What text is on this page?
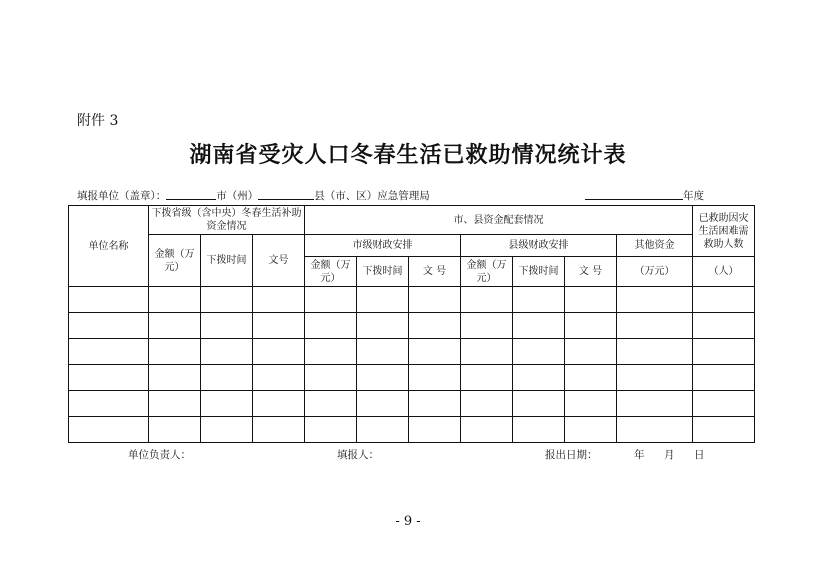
附件 3
湖南省受灾人口冬春生活已救助情况统计表
填报单位（盖章）：	市（州）	县（市、区）应急管理局	年度
单位名称	下拨省级（含中央）冬春生活补助资金情况			市、县资金配套情况							已救助因灾生活困难需救助人数
	金额（万元）	下拨时间	文号	市级财政安排			县级财政安排			其他资金	
				金额（万元）	下拨时间	文 号	金额（万元）	下拨时间	文 号	（万元）	（人）

单位负责人：	填报人：	报出日期：	年 月 日
- 9 -
